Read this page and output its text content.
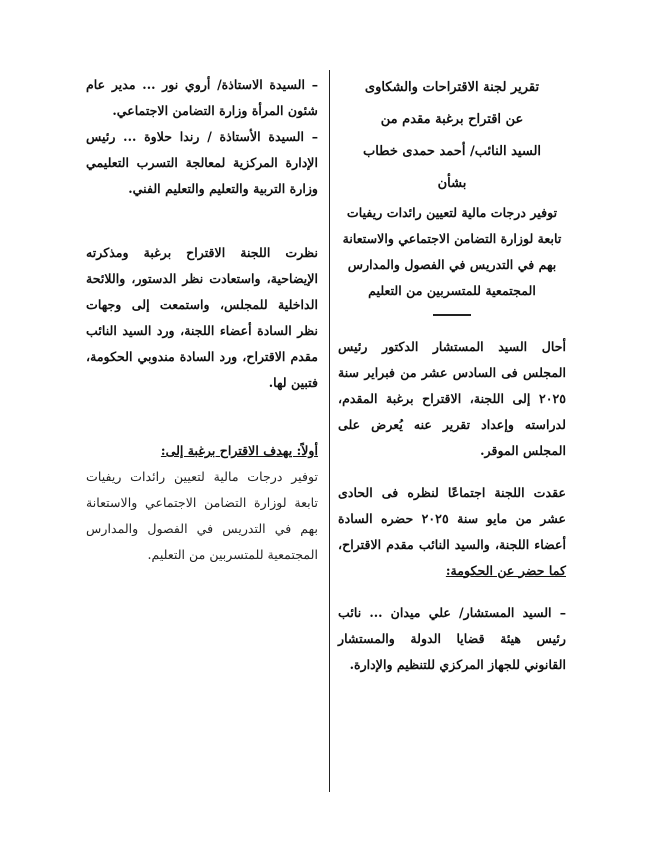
تقرير لجنة الاقتراحات والشكاوى
عن اقتراح برغبة مقدم من
السيد النائب/ أحمد حمدى خطاب
بشأن

توفير درجات مالية لتعيين رائدات ريفيات تابعة لوزارة التضامن الاجتماعي والاستعانة بهم في التدريس في الفصول والمدارس المجتمعية للمتسربين من التعليم

أحال السيد المستشار الدكتور رئيس المجلس فى السادس عشر من فبراير سنة ٢٠٢٥ إلى اللجنة، الاقتراح برغبة المقدم، لدراسته وإعداد تقرير عنه يُعرض على المجلس الموقر.

عقدت اللجنة اجتماعًا لنظره فى الحادى عشر من مايو سنة ٢٠٢٥ حضره السادة أعضاء اللجنة، والسيد النائب مقدم الاقتراح، كما حضر عن الحكومة:

– السيد المستشار/ علي ميدان ... نائب رئيس هيئة قضايا الدولة والمستشار القانوني للجهاز المركزي للتنظيم والإدارة.

– السيدة الاستاذة/ أروي نور ... مدير عام شئون المرأة وزارة التضامن الاجتماعي.

– السيدة الأستاذة / رندا حلاوة ... رئيس الإدارة المركزية لمعالجة التسرب التعليمي وزارة التربية والتعليم والتعليم الفني.

نظرت اللجنة الاقتراح برغبة ومذكرته الإيضاحية، واستعادت نظر الدستور، واللائحة الداخلية للمجلس، واستمعت إلى وجهات نظر السادة أعضاء اللجنة، ورد السيد النائب مقدم الاقتراح، ورد السادة مندوبي الحكومة، فتبين لها.

أولاً: يهدف الاقتراح برغبة إلى:

توفير درجات مالية لتعيين رائدات ريفيات تابعة لوزارة التضامن الاجتماعي والاستعانة بهم في التدريس في الفصول والمدارس المجتمعية للمتسربين من التعليم.
